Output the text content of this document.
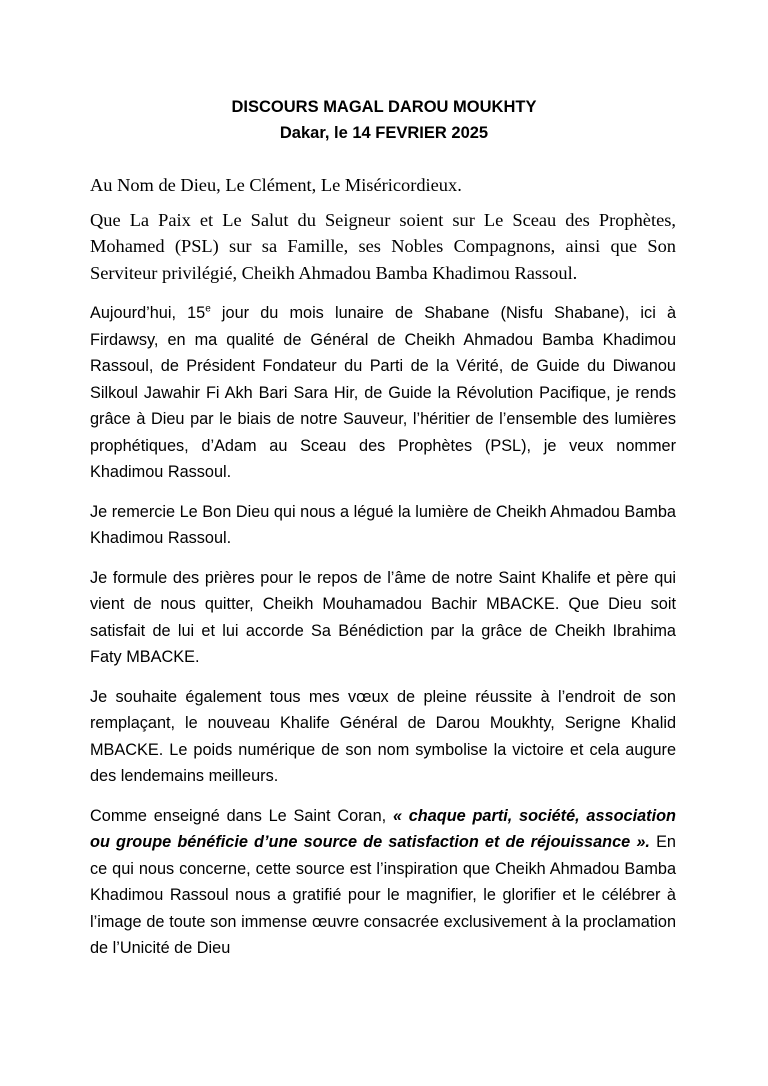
DISCOURS MAGAL DAROU MOUKHTY
Dakar, le 14 FEVRIER 2025

Au Nom de Dieu, Le Clément, Le Miséricordieux.

Que La Paix et Le Salut du Seigneur soient sur Le Sceau des Prophètes, Mohamed (PSL) sur sa Famille, ses Nobles Compagnons, ainsi que Son Serviteur privilégié, Cheikh Ahmadou Bamba Khadimou Rassoul.

Aujourd’hui, 15e jour du mois lunaire de Shabane (Nisfu Shabane), ici à Firdawsy, en ma qualité de Général de Cheikh Ahmadou Bamba Khadimou Rassoul, de Président Fondateur du Parti de la Vérité, de Guide du Diwanou Silkoul Jawahir Fi Akh Bari Sara Hir, de Guide la Révolution Pacifique, je rends grâce à Dieu par le biais de notre Sauveur, l’héritier de l’ensemble des lumières prophétiques, d’Adam au Sceau des Prophètes (PSL), je veux nommer Khadimou Rassoul.

Je remercie Le Bon Dieu qui nous a légué la lumière de Cheikh Ahmadou Bamba Khadimou Rassoul.

Je formule des prières pour le repos de l’âme de notre Saint Khalife et père qui vient de nous quitter, Cheikh Mouhamadou Bachir MBACKE. Que Dieu soit satisfait de lui et lui accorde Sa Bénédiction par la grâce de Cheikh Ibrahima Faty MBACKE.

Je souhaite également tous mes vœux de pleine réussite à l’endroit de son remplaçant, le nouveau Khalife Général de Darou Moukhty, Serigne Khalid MBACKE. Le poids numérique de son nom symbolise la victoire et cela augure des lendemains meilleurs.

Comme enseigné dans Le Saint Coran, « chaque parti, société, association ou groupe bénéficie d’une source de satisfaction et de réjouissance ». En ce qui nous concerne, cette source est l’inspiration que Cheikh Ahmadou Bamba Khadimou Rassoul nous a gratifié pour le magnifier, le glorifier et le célébrer à l’image de toute son immense œuvre consacrée exclusivement à la proclamation de l’Unicité de Dieu
